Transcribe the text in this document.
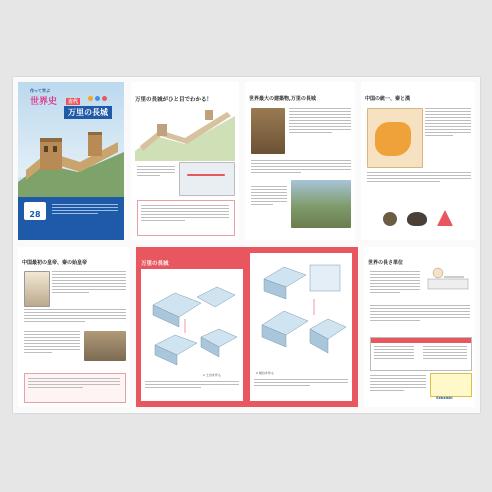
作って学ぶ
世界史	古代
万里の長城
28
pcs
万里の長城がひと目でわかる！	世界最大の建築物,万里の長城	中国の統一、秦と漢
中国最初の皇帝、秦の始皇帝	万里の長城
1 土台を作る	2 城台を作る
世界の長さ単位
Sekaishi
